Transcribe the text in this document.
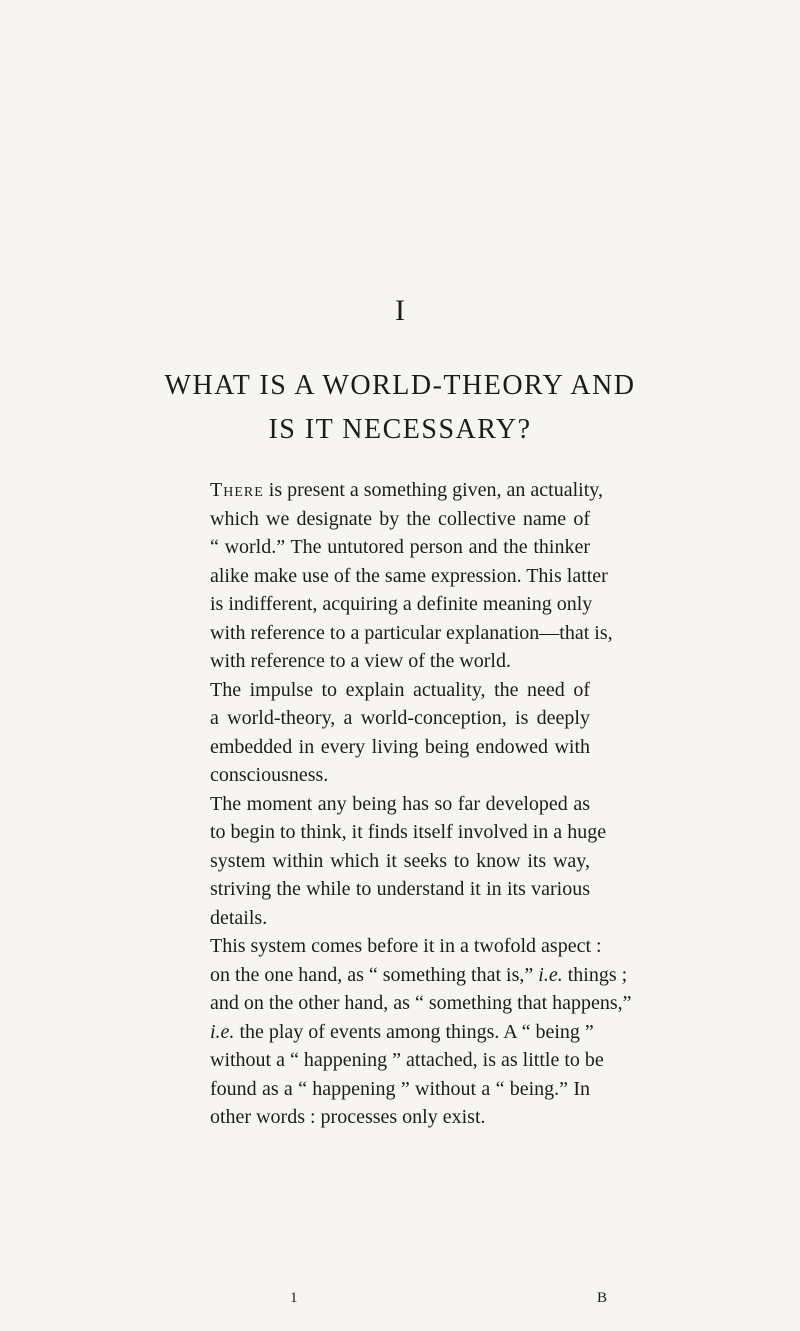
I
WHAT IS A WORLD-THEORY AND
IS IT NECESSARY?
There is present a something given, an actuality,
which we designate by the collective name of
“ world.” The untutored person and the thinker
alike make use of the same expression. This latter
is indifferent, acquiring a definite meaning only
with reference to a particular explanation—that is,
with reference to a view of the world.
The impulse to explain actuality, the need of
a world-theory, a world-conception, is deeply
embedded in every living being endowed with
consciousness.
The moment any being has so far developed as
to begin to think, it finds itself involved in a huge
system within which it seeks to know its way,
striving the while to understand it in its various
details.
This system comes before it in a twofold aspect :
on the one hand, as “ something that is,” i.e. things ;
and on the other hand, as “ something that happens,”
i.e. the play of events among things. A “ being ”
without a “ happening ” attached, is as little to be
found as a “ happening ” without a “ being.” In
other words : processes only exist.
1	B
